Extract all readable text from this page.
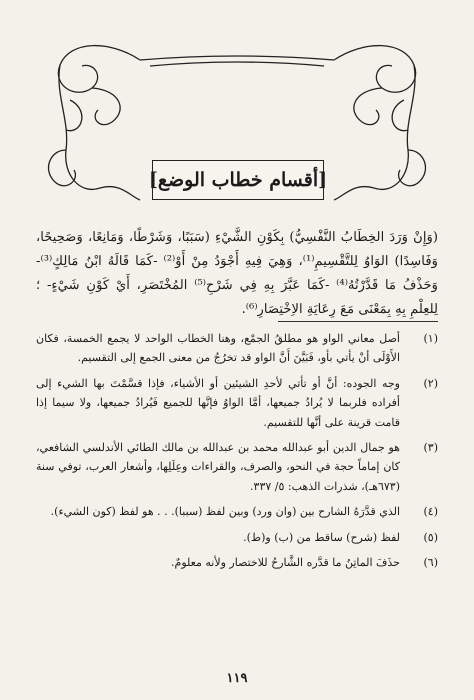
[أقسام خطاب الوضع]
(وَإِنْ وَرَدَ الخِطَابُ النَّفْسِيُّ) بِكَوْنِ الشَّيْءِ (سَبَبًا، وَشَرْطًا، وَمَانِعًا، وَصَحِيحًا، وَفَاسِدًا) الوَاوُ لِلتَّقْسِيمِ⁽¹⁾، وَهِيَ فِيهِ أَجْوَدُ مِنْ أَوْ⁽²⁾ -كَمَا قَالَهُ ابْنُ مَالِكٍ⁽³⁾- وَحَذْفُ مَا قَدَّرْتُهُ⁽⁴⁾ -كَمَا عَبَّرَ بِهِ فِي شَرْحِ⁽⁵⁾ المُخْتَصَرِ، أَيْ كَوْنِ شَيْءٍ- ؛ لِلعِلْمِ بِهِ بِمَعْنَى مَعَ رِعَايَةِ الاِخْتِصَارِ⁽⁶⁾.
(١)
أصل معاني الواو هو مطلقُ الجمْع، وهنا الخطاب الواحد لا يجمع الخمسة، فكان الأَوْلَى أنْ يأتي بأو، فَبَيَّنَ أَنَّ الواو قد تخرُجُ من معنى الجمع إلى التقسيم.
(٢)
وجه الجوده: أنَّ أو تأتي لأحدِ الشيئين أو الأشياء، فإذا قسَّمْتَ بها الشيء إلى أفراده فلربما لا يُرادُ جميعها، أمَّا الواوُ فإنَّها للجميع فَيُرادُ جميعها، ولا سيما إذا قامت قرينة على أنَّها للتقسيم.
(٣)
هو جمال الدين أبو عبدالله محمد بن عبدالله بن مالك الطائي الأندلسي الشافعي، كان إماماً حجة في النحو، والصرف، والقراءات وعِلَلِها، وأشعار العرب، توفي سنة (٦٧٣هـ)، شذرات الذهب: ٥/ ٣٣٧.
(٤)
الذي قدَّرَهُ الشارح بين (وان ورد) وبين لفظ (سببا). . . هو لفظ (كون الشيء).
(٥)
لفظ (شرح) ساقط من (ب) و(ط).
(٦)
حذَفَ الماتِنُ ما قدَّره الشَّارحُ للاختصار ولأنه معلومٌ.
١١٩
